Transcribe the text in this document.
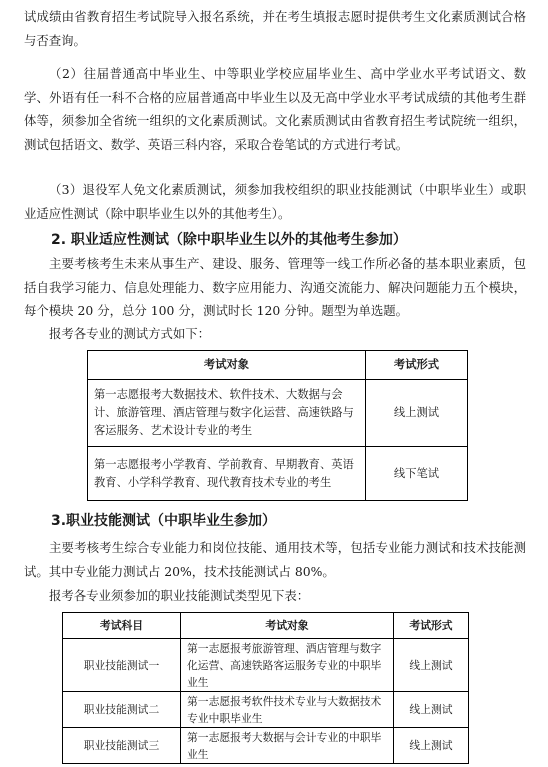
试成绩由省教育招生考试院导入报名系统，并在考生填报志愿时提供考生文化素质测试合格与否查询。

（2）往届普通高中毕业生、中等职业学校应届毕业生、高中学业水平考试语文、数学、外语有任一科不合格的应届普通高中毕业生以及无高中学业水平考试成绩的其他考生群体等，须参加全省统一组织的文化素质测试。文化素质测试由省教育招生考试院统一组织，测试包括语文、数学、英语三科内容，采取合卷笔试的方式进行考试。

（3）退役军人免文化素质测试，须参加我校组织的职业技能测试（中职毕业生）或职业适应性测试（除中职毕业生以外的其他考生）。

2. 职业适应性测试（除中职毕业生以外的其他考生参加）

主要考核考生未来从事生产、建设、服务、管理等一线工作所必备的基本职业素质，包括自我学习能力、信息处理能力、数字应用能力、沟通交流能力、解决问题能力五个模块，每个模块 20 分，总分 100 分，测试时长 120 分钟。题型为单选题。

报考各专业的测试方式如下：

考试对象	考试形式
第一志愿报考大数据技术、软件技术、大数据与会计、旅游管理、酒店管理与数字化运营、高速铁路与客运服务、艺术设计专业的考生	线上测试
第一志愿报考小学教育、学前教育、早期教育、英语教育、小学科学教育、现代教育技术专业的考生	线下笔试
3.职业技能测试（中职毕业生参加）

主要考核考生综合专业能力和岗位技能、通用技术等，包括专业能力测试和技术技能测试。其中专业能力测试占 20%，技术技能测试占 80%。

报考各专业须参加的职业技能测试类型见下表：

考试科目	考试对象	考试形式
职业技能测试一	第一志愿报考旅游管理、酒店管理与数字化运营、高速铁路客运服务专业的中职毕业生	线上测试
职业技能测试二	第一志愿报考软件技术专业与大数据技术专业中职毕业生	线上测试
职业技能测试三	第一志愿报考大数据与会计专业的中职毕业生	线上测试
